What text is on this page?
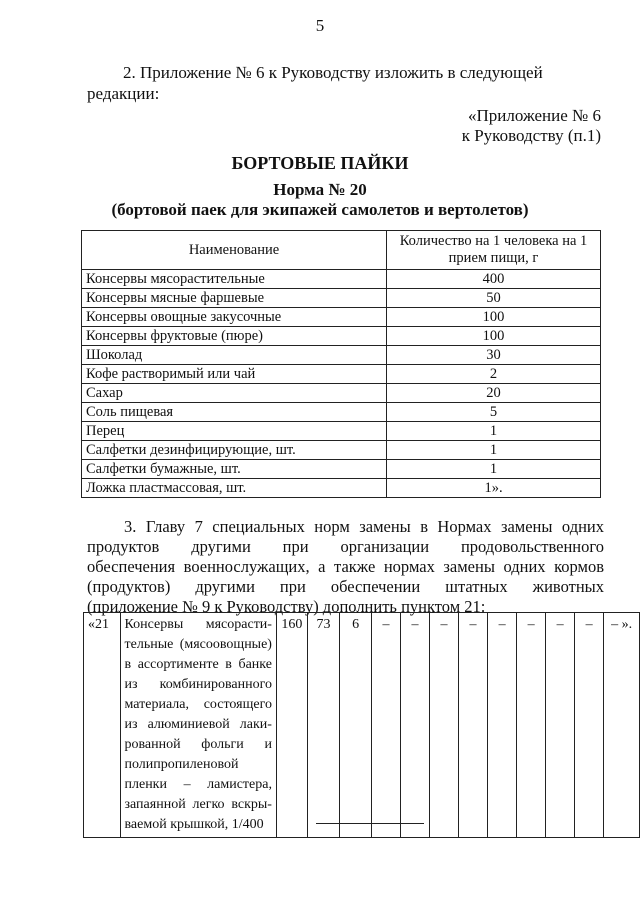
5
2. Приложение № 6 к Руководству изложить в следующей
редакции:
«Приложение № 6
к Руководству (п.1)
БОРТОВЫЕ ПАЙКИ
Норма № 20
(бортовой паек для экипажей самолетов и вертолетов)
Наименование	Количество на 1 человека на 1 прием пищи, г
Консервы мясорастительные	400
Консервы мясные фаршевые	50
Консервы овощные закусочные	100
Консервы фруктовые (пюре)	100
Шоколад	30
Кофе растворимый или чай	2
Сахар	20
Соль пищевая	5
Перец	1
Салфетки дезинфицирующие, шт.	1
Салфетки бумажные, шт.	1
Ложка пластмассовая, шт.	1».
3. Главу 7 специальных норм замены в Нормах замены одних
продуктов другими при организации продовольственного
обеспечения военнослужащих, а также нормах замены одних кормов
(продуктов) другими при обеспечении штатных животных
(приложение № 9 к Руководству) дополнить пунктом 21:
«21	Консервы мясорасти-тельные (мясоовощные) в ассортименте в банке из комбинированного материала, состоящего из алюминиевой лаки-рованной фольги и полипропиленовой пленки – ламистера, запаянной легко вскры-ваемой крышкой, 1/400	160	73	6	–	–	–	–	–	–	–	–	– ».
